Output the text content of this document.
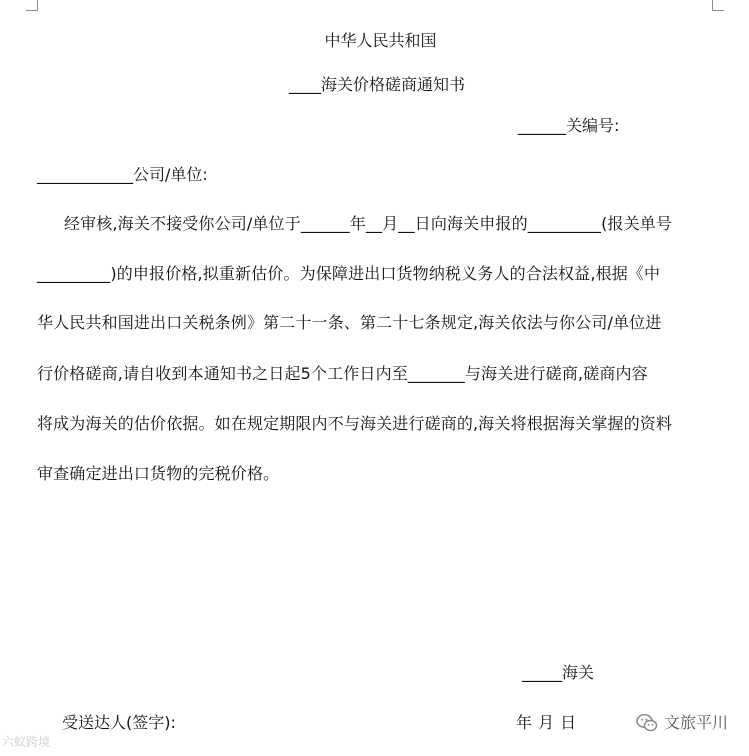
中华人民共和国
____海关价格磋商通知书
______关编号:
____________公司/单位:
经审核,海关不接受你公司/单位于______年__月__日向海关申报的_________(报关单号
_________)的申报价格,拟重新估价。为保障进出口货物纳税义务人的合法权益,根据《中
华人民共和国进出口关税条例》第二十一条、第二十七条规定,海关依法与你公司/单位进
行价格磋商,请自收到本通知书之日起5个工作日内至_______与海关进行磋商,磋商内容
将成为海关的估价依据。如在规定期限内不与海关进行磋商的,海关将根据海关掌握的资料
审查确定进出口货物的完税价格。
_____海关
受送达人(签字):	年 月 日
六蚁跨境
文旅平川
